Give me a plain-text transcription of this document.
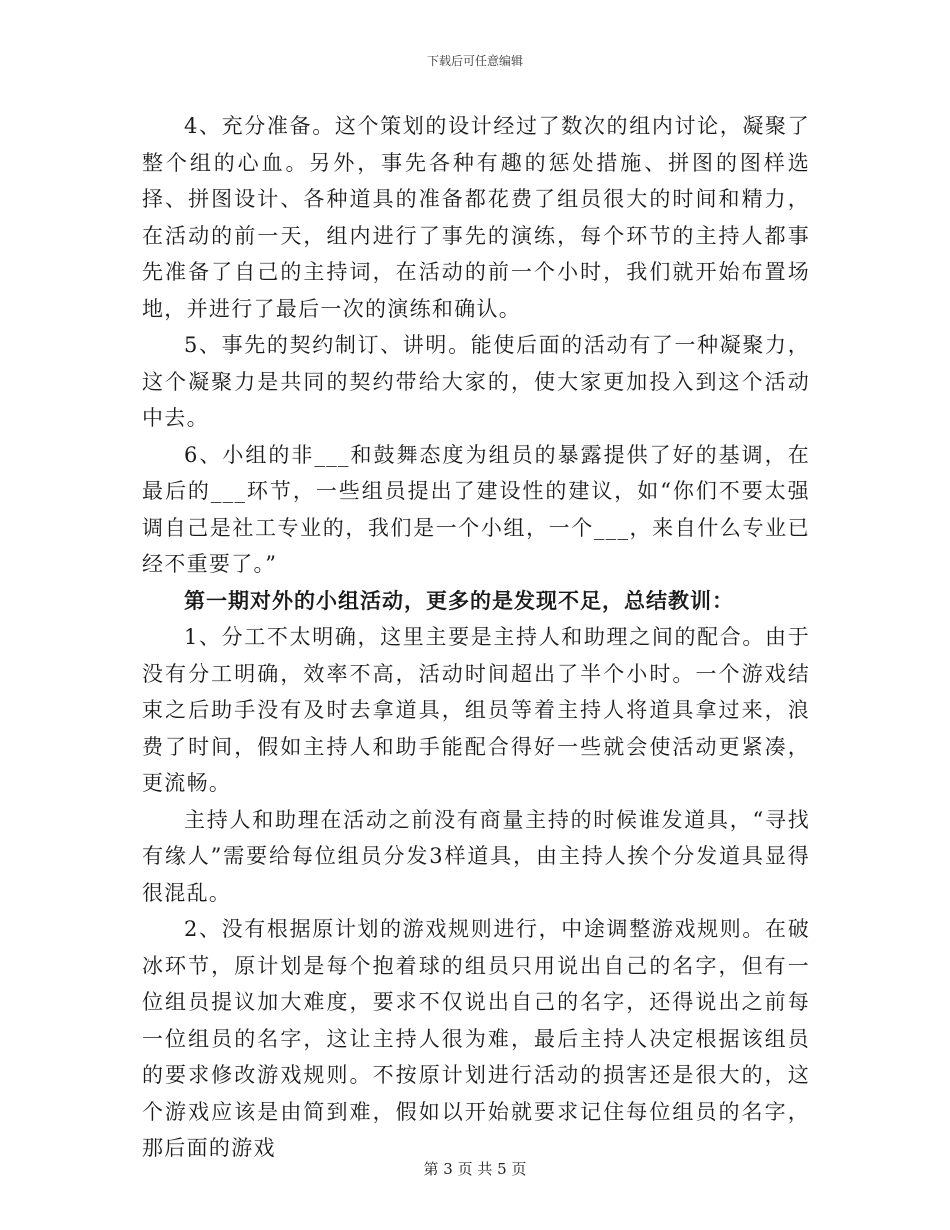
下载后可任意编辑

4、充分准备。这个策划的设计经过了数次的组内讨论，凝聚了整个组的心血。另外，事先各种有趣的惩处措施、拼图的图样选择、拼图设计、各种道具的准备都花费了组员很大的时间和精力，在活动的前一天，组内进行了事先的演练，每个环节的主持人都事先准备了自己的主持词，在活动的前一个小时，我们就开始布置场地，并进行了最后一次的演练和确认。

5、事先的契约制订、讲明。能使后面的活动有了一种凝聚力，这个凝聚力是共同的契约带给大家的，使大家更加投入到这个活动中去。

6、小组的非___和鼓舞态度为组员的暴露提供了好的基调，在最后的___环节，一些组员提出了建设性的建议，如“你们不要太强调自己是社工专业的，我们是一个小组，一个___，来自什么专业已经不重要了。”

第一期对外的小组活动，更多的是发现不足，总结教训：

1、分工不太明确，这里主要是主持人和助理之间的配合。由于没有分工明确，效率不高，活动时间超出了半个小时。一个游戏结束之后助手没有及时去拿道具，组员等着主持人将道具拿过来，浪费了时间，假如主持人和助手能配合得好一些就会使活动更紧凑，更流畅。

主持人和助理在活动之前没有商量主持的时候谁发道具，“寻找有缘人”需要给每位组员分发3样道具，由主持人挨个分发道具显得很混乱。

2、没有根据原计划的游戏规则进行，中途调整游戏规则。在破冰环节，原计划是每个抱着球的组员只用说出自己的名字，但有一位组员提议加大难度，要求不仅说出自己的名字，还得说出之前每一位组员的名字，这让主持人很为难，最后主持人决定根据该组员的要求修改游戏规则。不按原计划进行活动的损害还是很大的，这个游戏应该是由简到难，假如以开始就要求记住每位组员的名字，那后面的游戏

第 3 页 共 5 页
